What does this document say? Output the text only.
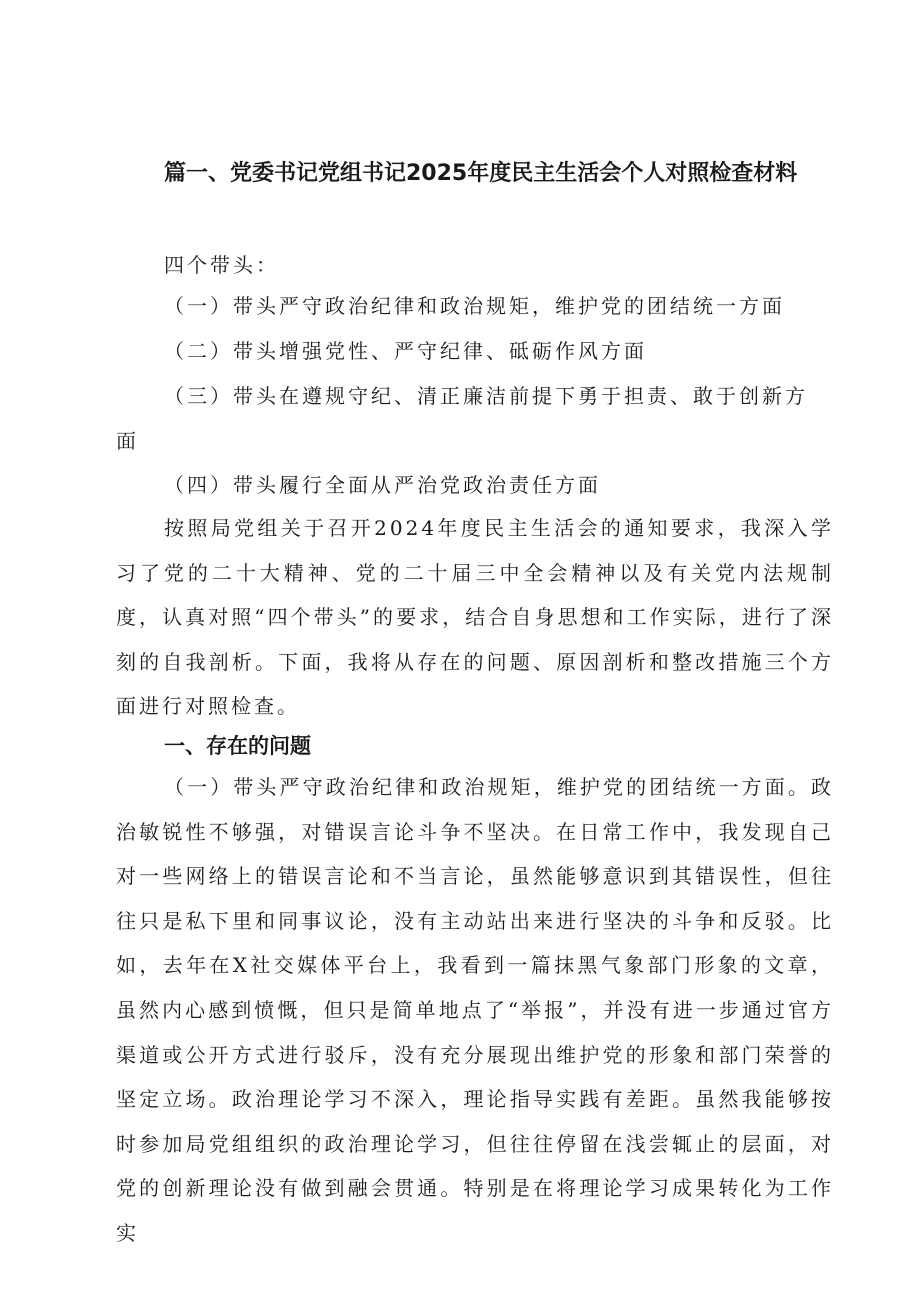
篇一、党委书记党组书记2025年度民主生活会个人对照检查材料
四个带头：
（一）带头严守政治纪律和政治规矩，维护党的团结统一方面
（二）带头增强党性、严守纪律、砥砺作风方面
（三）带头在遵规守纪、清正廉洁前提下勇于担责、敢于创新方
面
（四）带头履行全面从严治党政治责任方面

按照局党组关于召开2024年度民主生活会的通知要求，我深入学习了党的二十大精神、党的二十届三中全会精神以及有关党内法规制度，认真对照“四个带头”的要求，结合自身思想和工作实际，进行了深刻的自我剖析。下面，我将从存在的问题、原因剖析和整改措施三个方面进行对照检查。

一、存在的问题

（一）带头严守政治纪律和政治规矩，维护党的团结统一方面。政治敏锐性不够强，对错误言论斗争不坚决。在日常工作中，我发现自己对一些网络上的错误言论和不当言论，虽然能够意识到其错误性，但往往只是私下里和同事议论，没有主动站出来进行坚决的斗争和反驳。比如，去年在X社交媒体平台上，我看到一篇抹黑气象部门形象的文章，虽然内心感到愤慨，但只是简单地点了“举报”，并没有进一步通过官方渠道或公开方式进行驳斥，没有充分展现出维护党的形象和部门荣誉的坚定立场。政治理论学习不深入，理论指导实践有差距。虽然我能够按时参加局党组组织的政治理论学习，但往往停留在浅尝辄止的层面，对党的创新理论没有做到融会贯通。特别是在将理论学习成果转化为工作实
